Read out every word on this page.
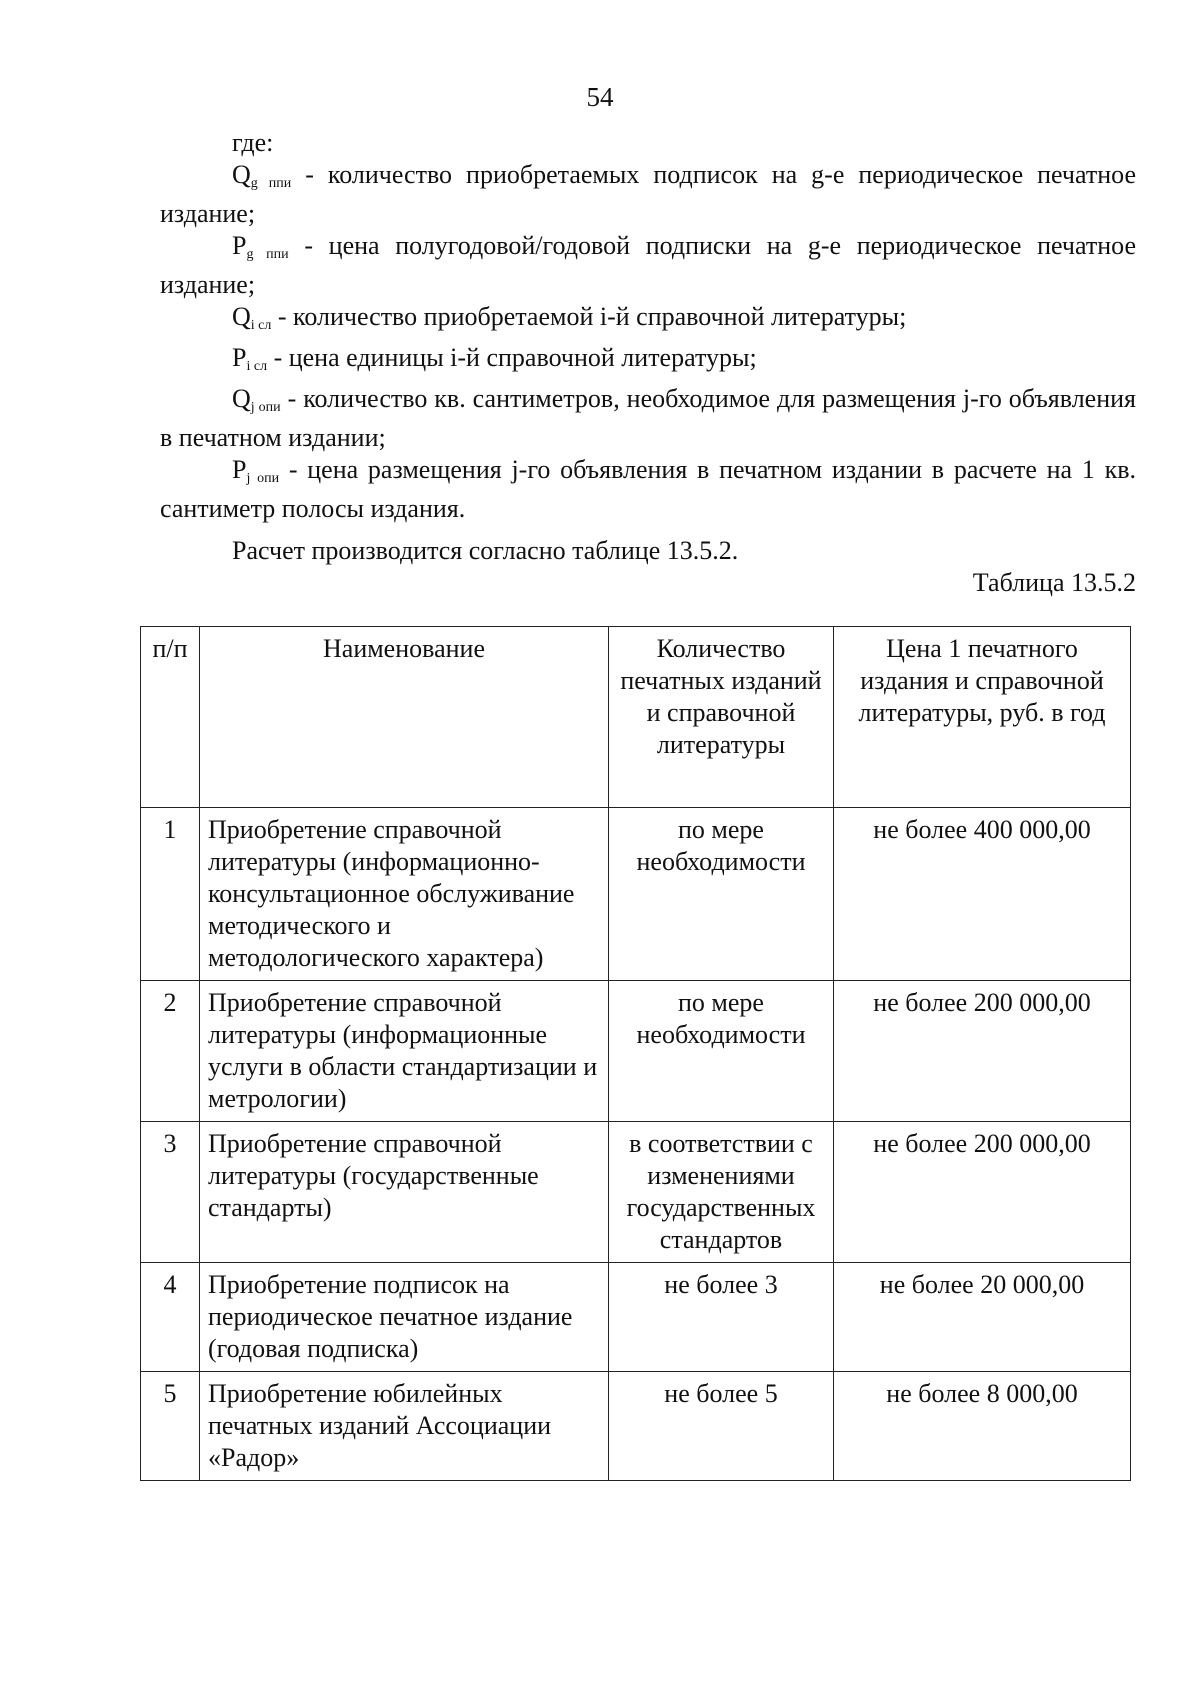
54

где:

$Q_{g ппи}$ - количество приобретаемых подписок на g-е периодическое печатное издание;

$P_{g ппи}$ - цена полугодовой/годовой подписки на g-е периодическое печатное издание;

$Q_{i сл}$ - количество приобретаемой i-й справочной литературы;

$P_{i сл}$ - цена единицы i-й справочной литературы;

$Q_{j опи}$ - количество кв. сантиметров, необходимое для размещения j-го объявления в печатном издании;

$P_{j опи}$ - цена размещения j-го объявления в печатном издании в расчете на 1 кв. сантиметр полосы издания.

Расчет производится согласно таблице 13.5.2.

Таблица 13.5.2
п/п	Наименование	Количество печатных изданий и справочной литературы	Цена 1 печатного издания и справочной литературы, руб. в год
1	Приобретение справочной литературы (информационно-консультационное обслуживание методического и методологического характера)	по мере необходимости	не более 400 000,00
2	Приобретение справочной литературы (информационные услуги в области стандартизации и метрологии)	по мере необходимости	не более 200 000,00
3	Приобретение справочной литературы (государственные стандарты)	в соответствии с изменениями государственных стандартов	не более 200 000,00
4	Приобретение подписок на периодическое печатное издание (годовая подписка)	не более 3	не более 20 000,00
5	Приобретение юбилейных печатных изданий Ассоциации «Радор»	не более 5	не более 8 000,00
